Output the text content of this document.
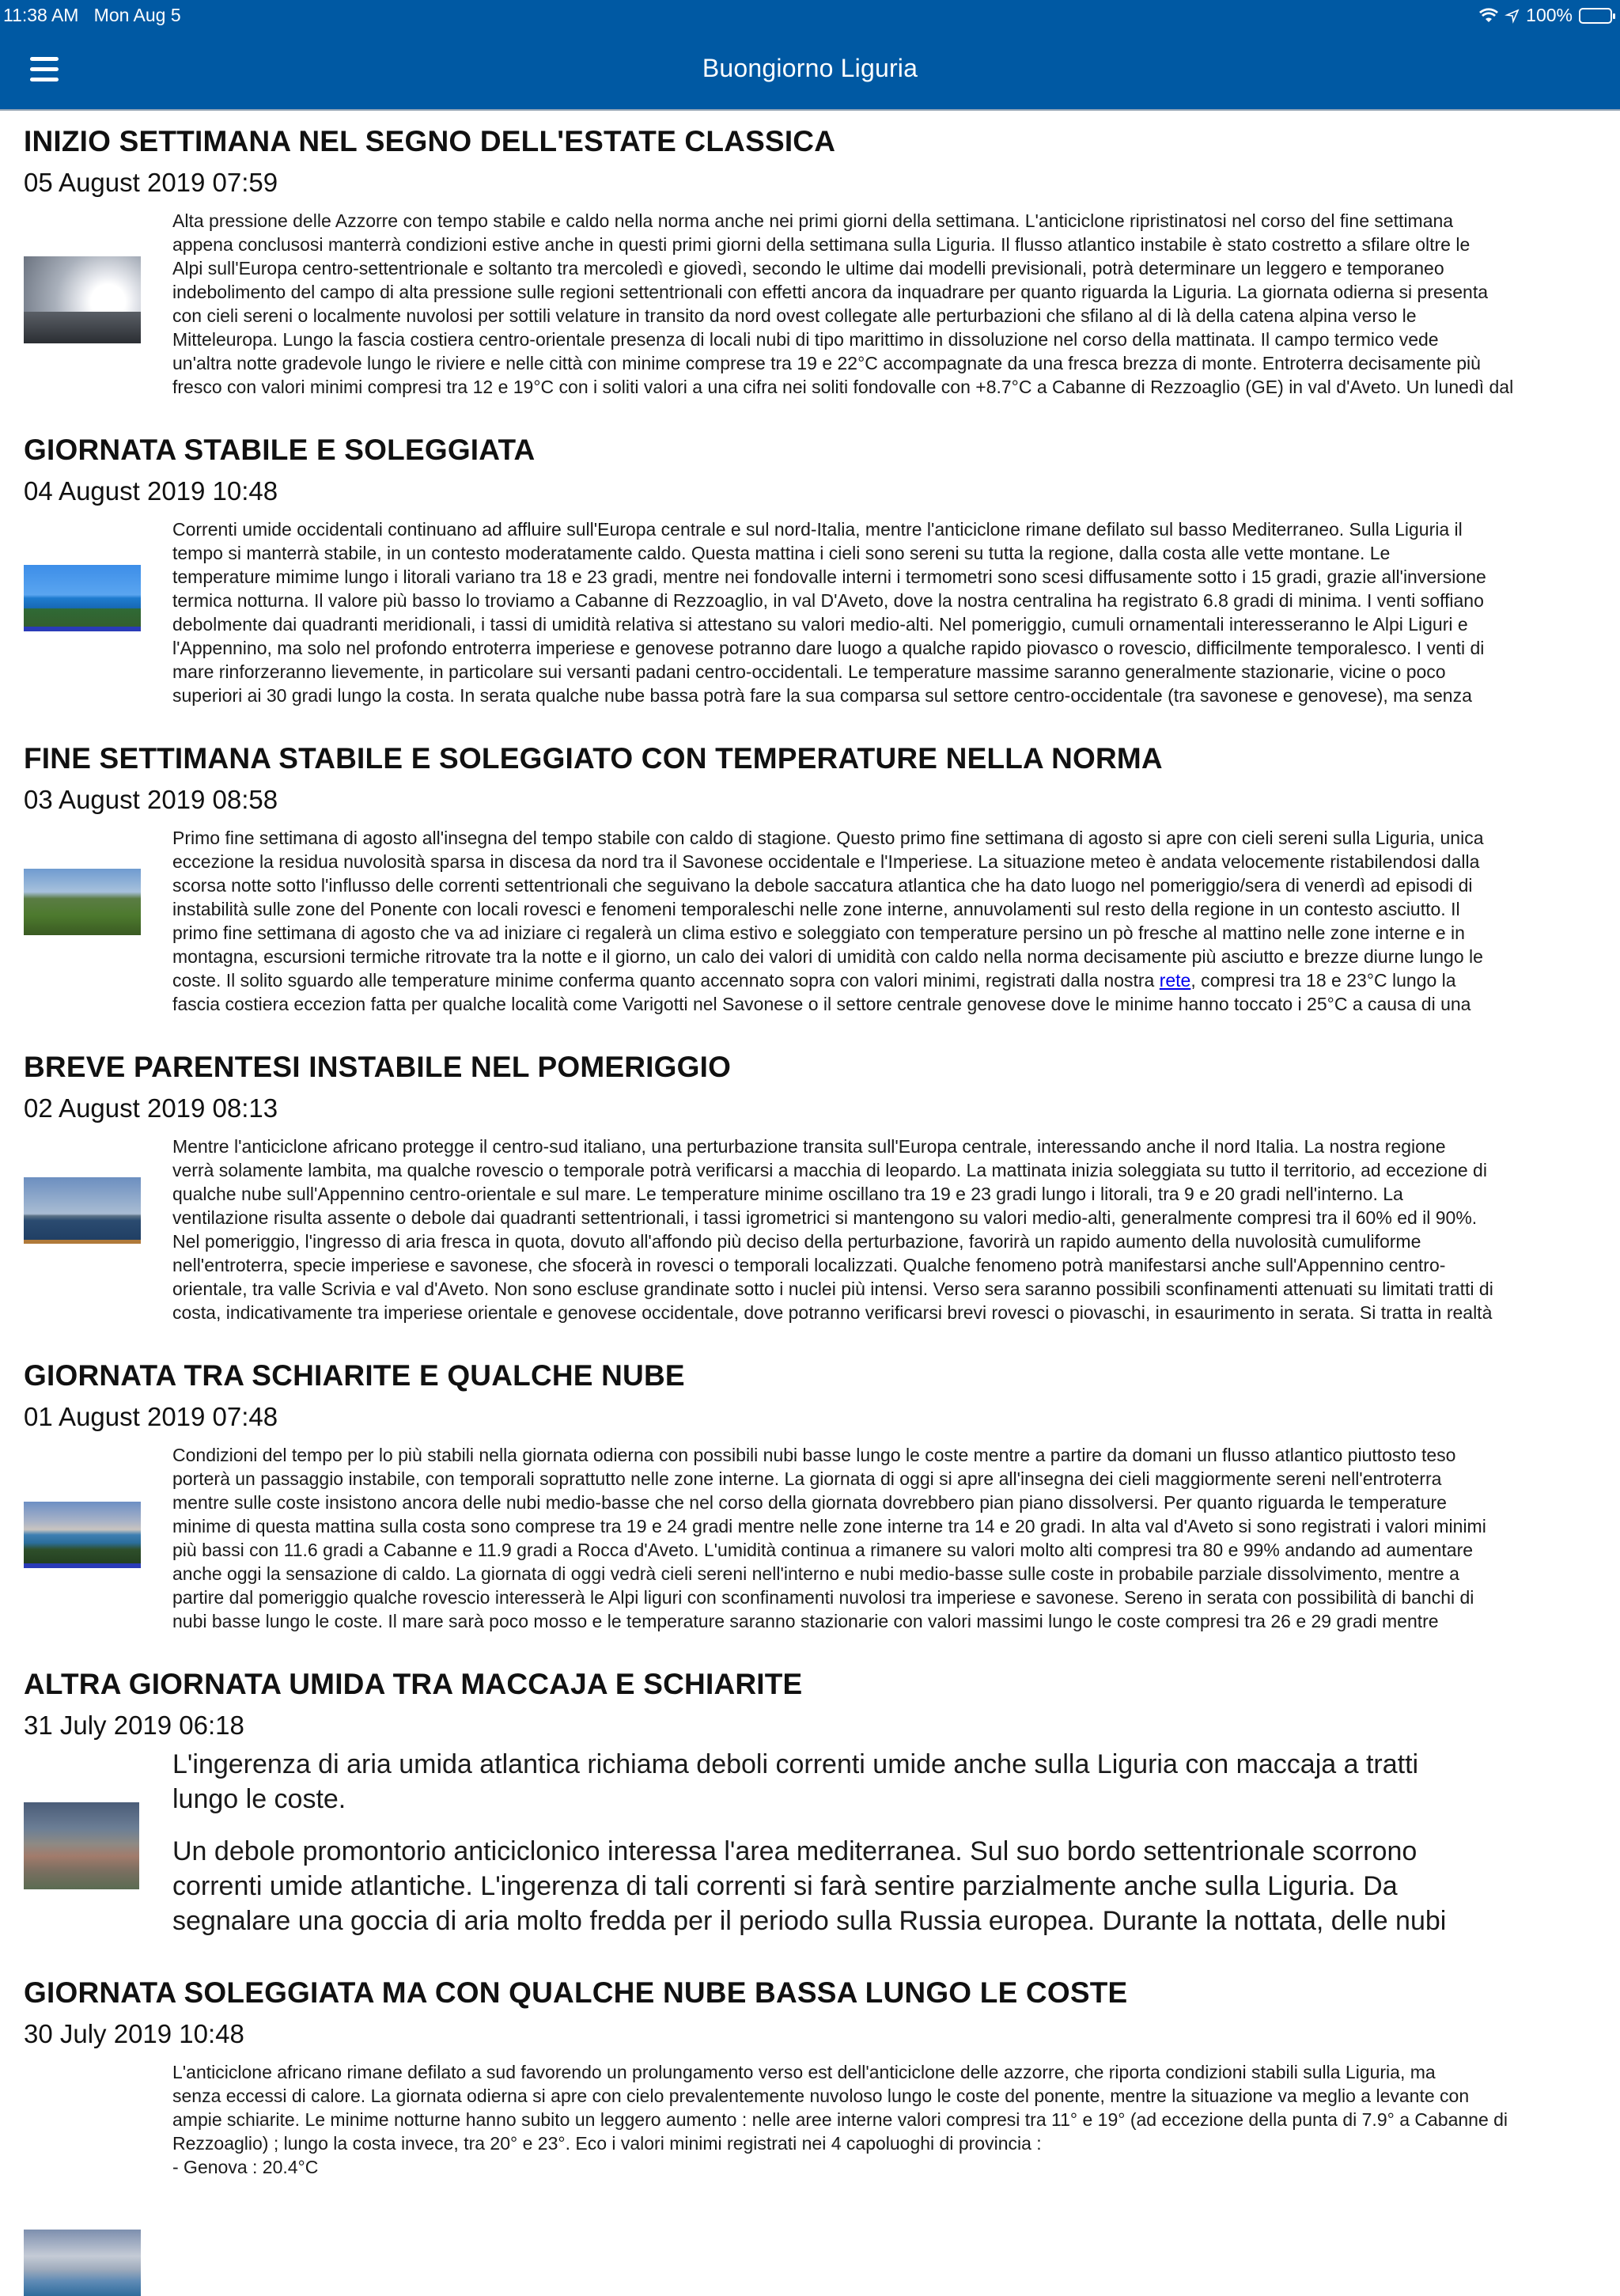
11:38 AM Mon Aug 5	100%
Buongiorno Liguria
INIZIO SETTIMANA NEL SEGNO DELL'ESTATE CLASSICA
05 August 2019 07:59
Alta pressione delle Azzorre con tempo stabile e caldo nella norma anche nei primi giorni della settimana. L'anticiclone ripristinatosi nel corso del fine settimana
appena conclusosi manterrà condizioni estive anche in questi primi giorni della settimana sulla Liguria. Il flusso atlantico instabile è stato costretto a sfilare oltre le
Alpi sull'Europa centro-settentrionale e soltanto tra mercoledì e giovedì, secondo le ultime dai modelli previsionali, potrà determinare un leggero e temporaneo
indebolimento del campo di alta pressione sulle regioni settentrionali con effetti ancora da inquadrare per quanto riguarda la Liguria. La giornata odierna si presenta
con cieli sereni o localmente nuvolosi per sottili velature in transito da nord ovest collegate alle perturbazioni che sfilano al di là della catena alpina verso le
Mitteleuropa. Lungo la fascia costiera centro-orientale presenza di locali nubi di tipo marittimo in dissoluzione nel corso della mattinata. Il campo termico vede
un'altra notte gradevole lungo le riviere e nelle città con minime comprese tra 19 e 22°C accompagnate da una fresca brezza di monte. Entroterra decisamente più
fresco con valori minimi compresi tra 12 e 19°C con i soliti valori a una cifra nei soliti fondovalle con +8.7°C a Cabanne di Rezzoaglio (GE) in val d'Aveto. Un lunedì dal
GIORNATA STABILE E SOLEGGIATA
04 August 2019 10:48
Correnti umide occidentali continuano ad affluire sull'Europa centrale e sul nord-Italia, mentre l'anticiclone rimane defilato sul basso Mediterraneo. Sulla Liguria il
tempo si manterrà stabile, in un contesto moderatamente caldo. Questa mattina i cieli sono sereni su tutta la regione, dalla costa alle vette montane. Le
temperature mimime lungo i litorali variano tra 18 e 23 gradi, mentre nei fondovalle interni i termometri sono scesi diffusamente sotto i 15 gradi, grazie all'inversione
termica notturna. Il valore più basso lo troviamo a Cabanne di Rezzoaglio, in val D'Aveto, dove la nostra centralina ha registrato 6.8 gradi di minima. I venti soffiano
debolmente dai quadranti meridionali, i tassi di umidità relativa si attestano su valori medio-alti. Nel pomeriggio, cumuli ornamentali interesseranno le Alpi Liguri e
l'Appennino, ma solo nel profondo entroterra imperiese e genovese potranno dare luogo a qualche rapido piovasco o rovescio, difficilmente temporalesco. I venti di
mare rinforzeranno lievemente, in particolare sui versanti padani centro-occidentali. Le temperature massime saranno generalmente stazionarie, vicine o poco
superiori ai 30 gradi lungo la costa. In serata qualche nube bassa potrà fare la sua comparsa sul settore centro-occidentale (tra savonese e genovese), ma senza
FINE SETTIMANA STABILE E SOLEGGIATO CON TEMPERATURE NELLA NORMA
03 August 2019 08:58
Primo fine settimana di agosto all'insegna del tempo stabile con caldo di stagione. Questo primo fine settimana di agosto si apre con cieli sereni sulla Liguria, unica
eccezione la residua nuvolosità sparsa in discesa da nord tra il Savonese occidentale e l'Imperiese. La situazione meteo è andata velocemente ristabilendosi dalla
scorsa notte sotto l'influsso delle correnti settentrionali che seguivano la debole saccatura atlantica che ha dato luogo nel pomeriggio/sera di venerdì ad episodi di
instabilità sulle zone del Ponente con locali rovesci e fenomeni temporaleschi nelle zone interne, annuvolamenti sul resto della regione in un contesto asciutto. Il
primo fine settimana di agosto che va ad iniziare ci regalerà un clima estivo e soleggiato con temperature persino un pò fresche al mattino nelle zone interne e in
montagna, escursioni termiche ritrovate tra la notte e il giorno, un calo dei valori di umidità con caldo nella norma decisamente più asciutto e brezze diurne lungo le
coste. Il solito sguardo alle temperature minime conferma quanto accennato sopra con valori minimi, registrati dalla nostra rete, compresi tra 18 e 23°C lungo la
fascia costiera eccezion fatta per qualche località come Varigotti nel Savonese o il settore centrale genovese dove le minime hanno toccato i 25°C a causa di una
BREVE PARENTESI INSTABILE NEL POMERIGGIO
02 August 2019 08:13
Mentre l'anticiclone africano protegge il centro-sud italiano, una perturbazione transita sull'Europa centrale, interessando anche il nord Italia. La nostra regione
verrà solamente lambita, ma qualche rovescio o temporale potrà verificarsi a macchia di leopardo. La mattinata inizia soleggiata su tutto il territorio, ad eccezione di
qualche nube sull'Appennino centro-orientale e sul mare. Le temperature minime oscillano tra 19 e 23 gradi lungo i litorali, tra 9 e 20 gradi nell'interno. La
ventilazione risulta assente o debole dai quadranti settentrionali, i tassi igrometrici si mantengono su valori medio-alti, generalmente compresi tra il 60% ed il 90%.
Nel pomeriggio, l'ingresso di aria fresca in quota, dovuto all'affondo più deciso della perturbazione, favorirà un rapido aumento della nuvolosità cumuliforme
nell'entroterra, specie imperiese e savonese, che sfocerà in rovesci o temporali localizzati. Qualche fenomeno potrà manifestarsi anche sull'Appennino centro-
orientale, tra valle Scrivia e val d'Aveto. Non sono escluse grandinate sotto i nuclei più intensi. Verso sera saranno possibili sconfinamenti attenuati su limitati tratti di
costa, indicativamente tra imperiese orientale e genovese occidentale, dove potranno verificarsi brevi rovesci o piovaschi, in esaurimento in serata. Si tratta in realtà
GIORNATA TRA SCHIARITE E QUALCHE NUBE
01 August 2019 07:48
Condizioni del tempo per lo più stabili nella giornata odierna con possibili nubi basse lungo le coste mentre a partire da domani un flusso atlantico piuttosto teso
porterà un passaggio instabile, con temporali soprattutto nelle zone interne. La giornata di oggi si apre all'insegna dei cieli maggiormente sereni nell'entroterra
mentre sulle coste insistono ancora delle nubi medio-basse che nel corso della giornata dovrebbero pian piano dissolversi. Per quanto riguarda le temperature
minime di questa mattina sulla costa sono comprese tra 19 e 24 gradi mentre nelle zone interne tra 14 e 20 gradi. In alta val d'Aveto si sono registrati i valori minimi
più bassi con 11.6 gradi a Cabanne e 11.9 gradi a Rocca d'Aveto. L'umidità continua a rimanere su valori molto alti compresi tra 80 e 99% andando ad aumentare
anche oggi la sensazione di caldo. La giornata di oggi vedrà cieli sereni nell'interno e nubi medio-basse sulle coste in probabile parziale dissolvimento, mentre a
partire dal pomeriggio qualche rovescio interesserà le Alpi liguri con sconfinamenti nuvolosi tra imperiese e savonese. Sereno in serata con possibilità di banchi di
nubi basse lungo le coste. Il mare sarà poco mosso e le temperature saranno stazionarie con valori massimi lungo le coste compresi tra 26 e 29 gradi mentre
ALTRA GIORNATA UMIDA TRA MACCAJA E SCHIARITE
31 July 2019 06:18
L'ingerenza di aria umida atlantica richiama deboli correnti umide anche sulla Liguria con maccaja a tratti
lungo le coste.
Un debole promontorio anticiclonico interessa l'area mediterranea. Sul suo bordo settentrionale scorrono
correnti umide atlantiche. L'ingerenza di tali correnti si farà sentire parzialmente anche sulla Liguria. Da
segnalare una goccia di aria molto fredda per il periodo sulla Russia europea. Durante la nottata, delle nubi
GIORNATA SOLEGGIATA MA CON QUALCHE NUBE BASSA LUNGO LE COSTE
30 July 2019 10:48
L'anticiclone africano rimane defilato a sud favorendo un prolungamento verso est dell'anticiclone delle azzorre, che riporta condizioni stabili sulla Liguria, ma
senza eccessi di calore. La giornata odierna si apre con cielo prevalentemente nuvoloso lungo le coste del ponente, mentre la situazione va meglio a levante con
ampie schiarite. Le minime notturne hanno subito un leggero aumento : nelle aree interne valori compresi tra 11° e 19° (ad eccezione della punta di 7.9° a Cabanne di
Rezzoaglio) ; lungo la costa invece, tra 20° e 23°. Eco i valori minimi registrati nei 4 capoluoghi di provincia :
- Genova : 20.4°C
